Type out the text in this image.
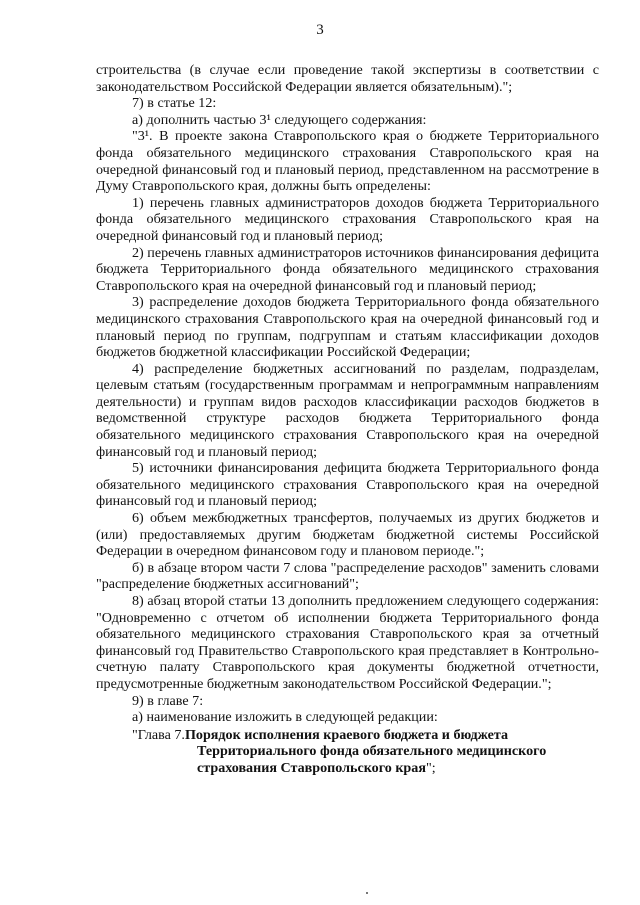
3

строительства (в случае если проведение такой экспертизы в соответствии с законодательством Российской Федерации является обязательным).";

7) в статье 12:

а) дополнить частью 3¹ следующего содержания:

"3¹. В проекте закона Ставропольского края о бюджете Территориального фонда обязательного медицинского страхования Ставропольского края на очередной финансовый год и плановый период, представленном на рассмотрение в Думу Ставропольского края, должны быть определены:

1) перечень главных администраторов доходов бюджета Территориального фонда обязательного медицинского страхования Ставропольского края на очередной финансовый год и плановый период;

2) перечень главных администраторов источников финансирования дефицита бюджета Территориального фонда обязательного медицинского страхования Ставропольского края на очередной финансовый год и плановый период;

3) распределение доходов бюджета Территориального фонда обязательного медицинского страхования Ставропольского края на очередной финансовый год и плановый период по группам, подгруппам и статьям классификации доходов бюджетов бюджетной классификации Российской Федерации;

4) распределение бюджетных ассигнований по разделам, подразделам, целевым статьям (государственным программам и непрограммным направлениям деятельности) и группам видов расходов классификации расходов бюджетов в ведомственной структуре расходов бюджета Территориального фонда обязательного медицинского страхования Ставропольского края на очередной финансовый год и плановый период;

5) источники финансирования дефицита бюджета Территориального фонда обязательного медицинского страхования Ставропольского края на очередной финансовый год и плановый период;

6) объем межбюджетных трансфертов, получаемых из других бюджетов и (или) предоставляемых другим бюджетам бюджетной системы Российской Федерации в очередном финансовом году и плановом периоде.";

б) в абзаце втором части 7 слова "распределение расходов" заменить словами "распределение бюджетных ассигнований";

8) абзац второй статьи 13 дополнить предложением следующего содержания: "Одновременно с отчетом об исполнении бюджета Территориального фонда обязательного медицинского страхования Ставропольского края за отчетный финансовый год Правительство Ставропольского края представляет в Контрольно-счетную палату Ставропольского края документы бюджетной отчетности, предусмотренные бюджетным законодательством Российской Федерации.";

9) в главе 7:

а) наименование изложить в следующей редакции:

"Глава 7.Порядок исполнения краевого бюджета и бюджета
Территориального фонда обязательного медицинского
страхования Ставропольского края";
